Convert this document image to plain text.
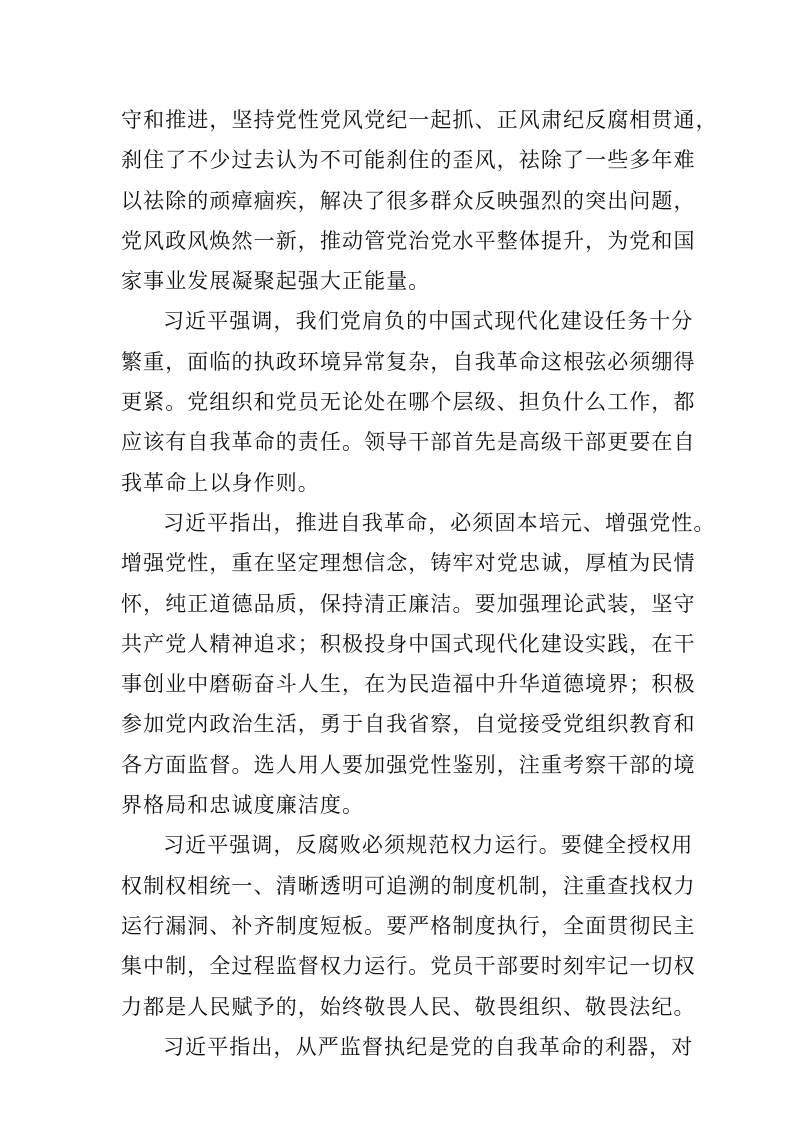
守和推进，坚持党性党风党纪一起抓、正风肃纪反腐相贯通，
刹住了不少过去认为不可能刹住的歪风，祛除了一些多年难
以祛除的顽瘴痼疾，解决了很多群众反映强烈的突出问题，
党风政风焕然一新，推动管党治党水平整体提升，为党和国
家事业发展凝聚起强大正能量。
习近平强调，我们党肩负的中国式现代化建设任务十分
繁重，面临的执政环境异常复杂，自我革命这根弦必须绷得
更紧。党组织和党员无论处在哪个层级、担负什么工作，都
应该有自我革命的责任。领导干部首先是高级干部更要在自
我革命上以身作则。
习近平指出，推进自我革命，必须固本培元、增强党性。
增强党性，重在坚定理想信念，铸牢对党忠诚，厚植为民情
怀，纯正道德品质，保持清正廉洁。要加强理论武装，坚守
共产党人精神追求；积极投身中国式现代化建设实践，在干
事创业中磨砺奋斗人生，在为民造福中升华道德境界；积极
参加党内政治生活，勇于自我省察，自觉接受党组织教育和
各方面监督。选人用人要加强党性鉴别，注重考察干部的境
界格局和忠诚度廉洁度。
习近平强调，反腐败必须规范权力运行。要健全授权用
权制权相统一、清晰透明可追溯的制度机制，注重查找权力
运行漏洞、补齐制度短板。要严格制度执行，全面贯彻民主
集中制，全过程监督权力运行。党员干部要时刻牢记一切权
力都是人民赋予的，始终敬畏人民、敬畏组织、敬畏法纪。
习近平指出，从严监督执纪是党的自我革命的利器，对
